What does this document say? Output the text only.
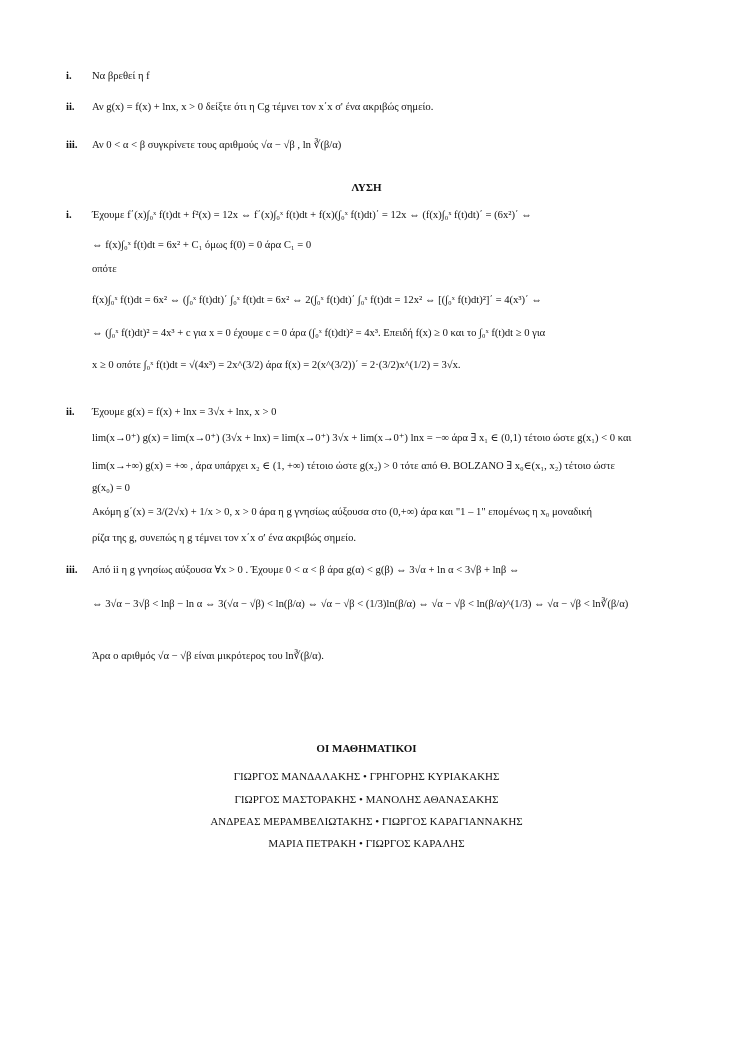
i. Να βρεθεί η f
ii. Αν g(x) = f(x) + lnx, x > 0 δείξτε ότι η Cg τέμνει τον x΄x σ' ένα ακριβώς σημείο.
iii. Αν 0 < α < β συγκρίνετε τους αριθμούς √α − √β , ln ∛(β/α)
ΛΥΣΗ
i. Έχουμε f΄(x)∫₀ˣ f(t)dt + f²(x) = 12x ⇔ f΄(x)∫₀ˣ f(t)dt + f(x)(∫₀ˣ f(t)dt)΄ = 12x ⇔ (f(x)∫₀ˣ f(t)dt)΄ = (6x²)΄ ⇔
⇔ f(x)∫₀ˣ f(t)dt = 6x² + C₁ όμως f(0) = 0 άρα C₁ = 0
οπότε
f(x)∫₀ˣ f(t)dt = 6x² ⇔ (∫₀ˣ f(t)dt)΄ ∫₀ˣ f(t)dt = 6x² ⇔ 2(∫₀ˣ f(t)dt)΄ ∫₀ˣ f(t)dt = 12x² ⇔ [(∫₀ˣ f(t)dt)²]΄ = 4(x³)΄ ⇔
⇔ (∫₀ˣ f(t)dt)² = 4x³ + c για x = 0 έχουμε c = 0 άρα (∫₀ˣ f(t)dt)² = 4x³. Επειδή f(x) ≥ 0 και το ∫₀ˣ f(t)dt ≥ 0 για
x ≥ 0 οπότε ∫₀ˣ f(t)dt = √(4x³) = 2x^(3/2) άρα f(x) = 2(x^(3/2))΄ = 2·(3/2)x^(1/2) = 3√x.
ii. Έχουμε g(x) = f(x) + lnx = 3√x + lnx, x > 0
lim(x→0⁺) g(x) = lim(x→0⁺) (3√x + lnx) = lim(x→0⁺) 3√x + lim(x→0⁺) lnx = −∞ άρα ∃ x₁ ∈ (0,1) τέτοιο ώστε g(x₁) < 0 και
lim(x→+∞) g(x) = +∞ , άρα υπάρχει x₂ ∈ (1, +∞) τέτοιο ώστε g(x₂) > 0 τότε από Θ. BOLZANO ∃ x₀∈(x₁, x₂) τέτοιο ώστε
g(x₀) = 0
Ακόμη g΄(x) = 3/(2√x) + 1/x > 0, x > 0 άρα η g γνησίως αύξουσα στο (0,+∞) άρα και "1 – 1" επομένως η x₀ μοναδική
ρίζα της g, συνεπώς η g τέμνει τον x΄x σ' ένα ακριβώς σημείο.
iii. Από ii η g γνησίως αύξουσα ∀x > 0 . Έχουμε 0 < α < β άρα g(α) < g(β) ⇔ 3√α + ln α < 3√β + lnβ ⇔
⇔ 3√α − 3√β < lnβ − ln α ⇔ 3(√α − √β) < ln(β/α) ⇔ √α − √β < (1/3)ln(β/α) ⇔ √α − √β < ln(β/α)^(1/3) ⇔ √α − √β < ln∛(β/α)
Άρα ο αριθμός √α − √β είναι μικρότερος του ln∛(β/α).
ΟΙ ΜΑΘΗΜΑΤΙΚΟΙ
ΓΙΩΡΓΟΣ ΜΑΝΔΑΛΑΚΗΣ • ΓΡΗΓΟΡΗΣ ΚΥΡΙΑΚΑΚΗΣ
ΓΙΩΡΓΟΣ ΜΑΣΤΟΡΑΚΗΣ • ΜΑΝΟΛΗΣ ΑΘΑΝΑΣΑΚΗΣ
ΑΝΔΡΕΑΣ ΜΕΡΑΜΒΕΛΙΩΤΑΚΗΣ • ΓΙΩΡΓΟΣ ΚΑΡΑΓΙΑΝΝΑΚΗΣ
ΜΑΡΙΑ ΠΕΤΡΑΚΗ • ΓΙΩΡΓΟΣ ΚΑΡΑΛΗΣ
